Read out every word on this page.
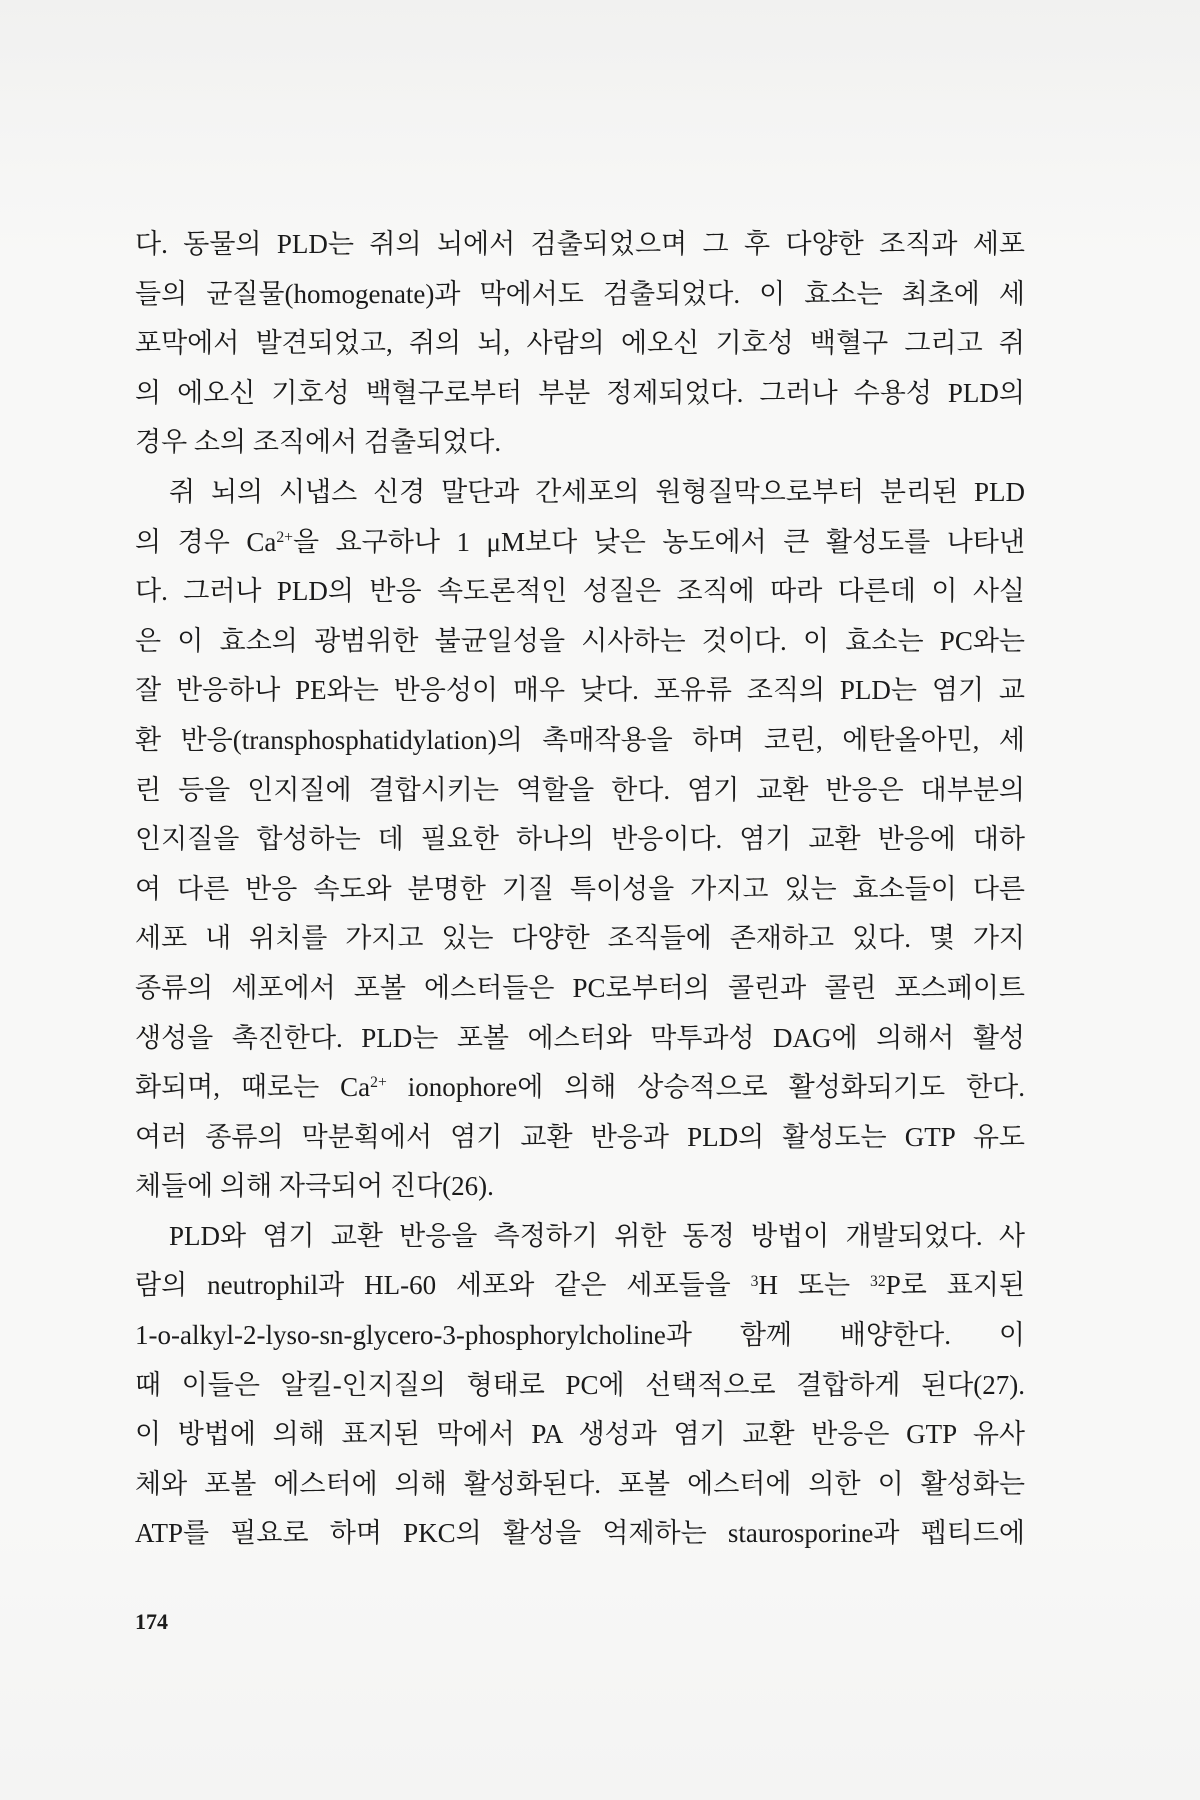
다. 동물의 PLD는 쥐의 뇌에서 검출되었으며 그 후 다양한 조직과 세포
들의 균질물(homogenate)과 막에서도 검출되었다. 이 효소는 최초에 세
포막에서 발견되었고, 쥐의 뇌, 사람의 에오신 기호성 백혈구 그리고 쥐
의 에오신 기호성 백혈구로부터 부분 정제되었다. 그러나 수용성 PLD의
경우 소의 조직에서 검출되었다.
쥐 뇌의 시냅스 신경 말단과 간세포의 원형질막으로부터 분리된 PLD
의 경우 $Ca^{2+}$을 요구하나 1 μM보다 낮은 농도에서 큰 활성도를 나타낸
다. 그러나 PLD의 반응 속도론적인 성질은 조직에 따라 다른데 이 사실
은 이 효소의 광범위한 불균일성을 시사하는 것이다. 이 효소는 PC와는
잘 반응하나 PE와는 반응성이 매우 낮다. 포유류 조직의 PLD는 염기 교
환 반응(transphosphatidylation)의 촉매작용을 하며 코린, 에탄올아민, 세
린 등을 인지질에 결합시키는 역할을 한다. 염기 교환 반응은 대부분의
인지질을 합성하는 데 필요한 하나의 반응이다. 염기 교환 반응에 대하
여 다른 반응 속도와 분명한 기질 특이성을 가지고 있는 효소들이 다른
세포 내 위치를 가지고 있는 다양한 조직들에 존재하고 있다. 몇 가지
종류의 세포에서 포볼 에스터들은 PC로부터의 콜린과 콜린 포스페이트
생성을 촉진한다. PLD는 포볼 에스터와 막투과성 DAG에 의해서 활성
화되며, 때로는 $Ca^{2+}$ ionophore에 의해 상승적으로 활성화되기도 한다.
여러 종류의 막분획에서 염기 교환 반응과 PLD의 활성도는 GTP 유도
체들에 의해 자극되어 진다(26).
PLD와 염기 교환 반응을 측정하기 위한 동정 방법이 개발되었다. 사
람의 neutrophil과 HL-60 세포와 같은 세포들을 $^3$H 또는 $^{32}$P로 표지된
1-o-alkyl-2-lyso-sn-glycero-3-phosphorylcholine과 함께 배양한다. 이
때 이들은 알킬-인지질의 형태로 PC에 선택적으로 결합하게 된다(27).
이 방법에 의해 표지된 막에서 PA 생성과 염기 교환 반응은 GTP 유사
체와 포볼 에스터에 의해 활성화된다. 포볼 에스터에 의한 이 활성화는
ATP를 필요로 하며 PKC의 활성을 억제하는 staurosporine과 펩티드에
174
